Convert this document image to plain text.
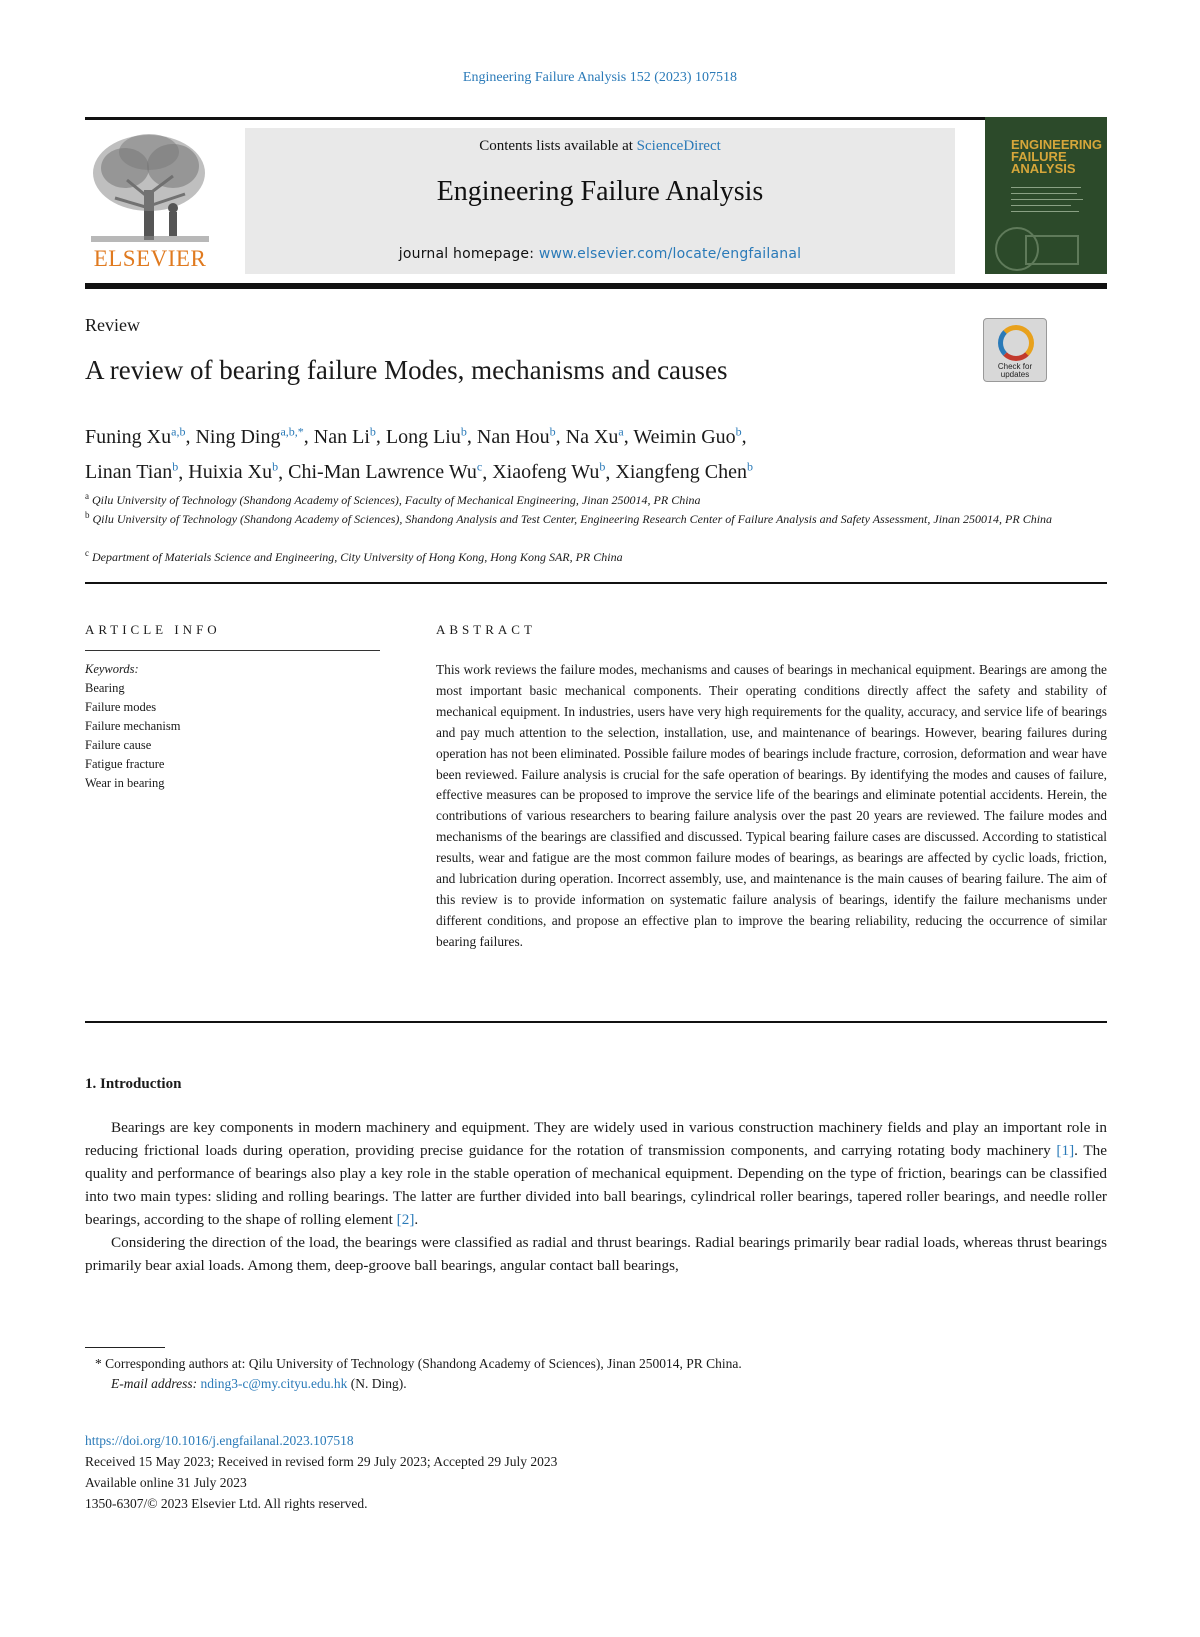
Engineering Failure Analysis 152 (2023) 107518
ELSEVIER
Contents lists available at ScienceDirect
Engineering Failure Analysis
journal homepage: www.elsevier.com/locate/engfailanal
ENGINEERING
FAILURE
ANALYSIS
Review
A review of bearing failure Modes, mechanisms and causes	Check for updates
Funing Xu$^{a,b}$, Ning Ding$^{a,b,*}$, Nan Li$^b$, Long Liu$^b$, Nan Hou$^b$, Na Xu$^a$, Weimin Guo$^b$,
Linan Tian$^b$, Huixia Xu$^b$, Chi-Man Lawrence Wu$^c$, Xiaofeng Wu$^b$, Xiangfeng Chen$^b$
$^a$ Qilu University of Technology (Shandong Academy of Sciences), Faculty of Mechanical Engineering, Jinan 250014, PR China
$^b$ Qilu University of Technology (Shandong Academy of Sciences), Shandong Analysis and Test Center, Engineering Research Center of Failure Analysis and Safety Assessment, Jinan 250014, PR China
$^c$ Department of Materials Science and Engineering, City University of Hong Kong, Hong Kong SAR, PR China
ARTICLE INFO
Keywords:
Bearing
Failure modes
Failure mechanism
Failure cause
Fatigue fracture
Wear in bearing
ABSTRACT
This work reviews the failure modes, mechanisms and causes of bearings in mechanical equipment. Bearings are among the most important basic mechanical components. Their operating conditions directly affect the safety and stability of mechanical equipment. In industries, users have very high requirements for the quality, accuracy, and service life of bearings and pay much attention to the selection, installation, use, and maintenance of bearings. However, bearing failures during operation has not been eliminated. Possible failure modes of bearings include fracture, corrosion, deformation and wear have been reviewed. Failure analysis is crucial for the safe operation of bearings. By identifying the modes and causes of failure, effective measures can be proposed to improve the service life of the bearings and eliminate potential accidents. Herein, the contributions of various researchers to bearing failure analysis over the past 20 years are reviewed. The failure modes and mechanisms of the bearings are classified and discussed. Typical bearing failure cases are discussed. According to statistical results, wear and fatigue are the most common failure modes of bearings, as bearings are affected by cyclic loads, friction, and lubrication during operation. Incorrect assembly, use, and maintenance is the main causes of bearing failure. The aim of this review is to provide information on systematic failure analysis of bearings, identify the failure mechanisms under different conditions, and propose an effective plan to improve the bearing reliability, reducing the occurrence of similar bearing failures.
1. Introduction

Bearings are key components in modern machinery and equipment. They are widely used in various construction machinery fields and play an important role in reducing frictional loads during operation, providing precise guidance for the rotation of transmission components, and carrying rotating body machinery [1]. The quality and performance of bearings also play a key role in the stable operation of mechanical equipment. Depending on the type of friction, bearings can be classified into two main types: sliding and rolling bearings. The latter are further divided into ball bearings, cylindrical roller bearings, tapered roller bearings, and needle roller bearings, according to the shape of rolling element [2].

Considering the direction of the load, the bearings were classified as radial and thrust bearings. Radial bearings primarily bear radial loads, whereas thrust bearings primarily bear axial loads. Among them, deep-groove ball bearings, angular contact ball bearings,

* Corresponding authors at: Qilu University of Technology (Shandong Academy of Sciences), Jinan 250014, PR China.
E-mail address: nding3-c@my.cityu.edu.hk (N. Ding).
https://doi.org/10.1016/j.engfailanal.2023.107518
Received 15 May 2023; Received in revised form 29 July 2023; Accepted 29 July 2023
Available online 31 July 2023
1350-6307/© 2023 Elsevier Ltd. All rights reserved.
